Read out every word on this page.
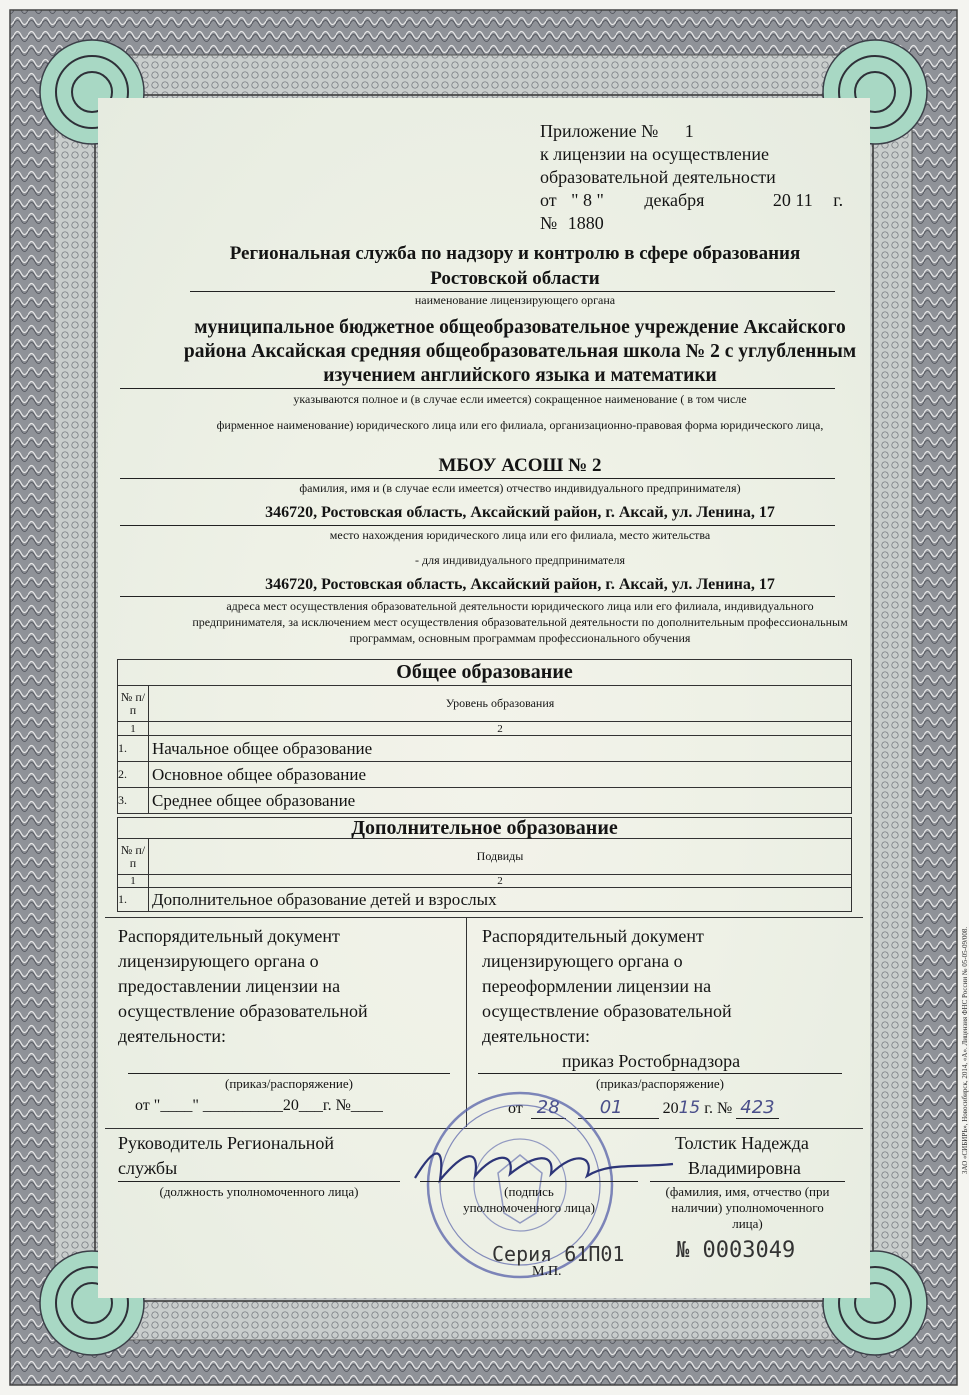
Приложение № 1
к лицензии на осуществление
образовательной деятельности
от " 8 " декабря	20 11 г.
№ 1880
Региональная служба по надзору и контролю в сфере образования
Ростовской области
наименование лицензирующего органа
муниципальное бюджетное общеобразовательное учреждение Аксайского
района Аксайская средняя общеобразовательная школа № 2 с углубленным
изучением английского языка и математики
указываются полное и (в случае если имеется) сокращенное наименование ( в том числе
фирменное наименование) юридического лица или его филиала, организационно-правовая форма юридического лица,
МБОУ АСОШ № 2
фамилия, имя и (в случае если имеется) отчество индивидуального предпринимателя)
346720, Ростовская область, Аксайский район, г. Аксай, ул. Ленина, 17
место нахождения юридического лица или его филиала, место жительства
- для индивидуального предпринимателя
346720, Ростовская область, Аксайский район, г. Аксай, ул. Ленина, 17
адреса мест осуществления образовательной деятельности юридического лица или его филиала, индивидуального
предпринимателя, за исключением мест осуществления образовательной деятельности по дополнительным профессиональным
программам, основным программам профессионального обучения
Общее образование	
№ п/п	Уровень образования
1	2
1.	Начальное общее образование
2.	Основное общее образование
3.	Среднее общее образование
Дополнительное образование	
№ п/п	Подвиды
1	2
1.	Дополнительное образование детей и взрослых
Распорядительный документ
лицензирующего органа о
предоставлении лицензии на
осуществление образовательной
деятельности:
(приказ/распоряжение)
от "____" __________20___г. №____
Распорядительный документ
лицензирующего органа о
переоформлении лицензии на
осуществление образовательной
деятельности:
приказ Ростобрнадзора
(приказ/распоряжение)
от 28 01	2015 г. № 423
Руководитель Региональной
службы
(должность уполномоченного лица)	(подпись
уполномоченного лица)
Толстик Надежда
Владимировна
(фамилия, имя, отчество (при
наличии) уполномоченного
лица)
Серия 61П01
М.П.
№ 0003049
ЗАО «СИБИРЬ», Новосибирск, 2014, «А». Лицензия ФНС России № 05-05-09/008.
